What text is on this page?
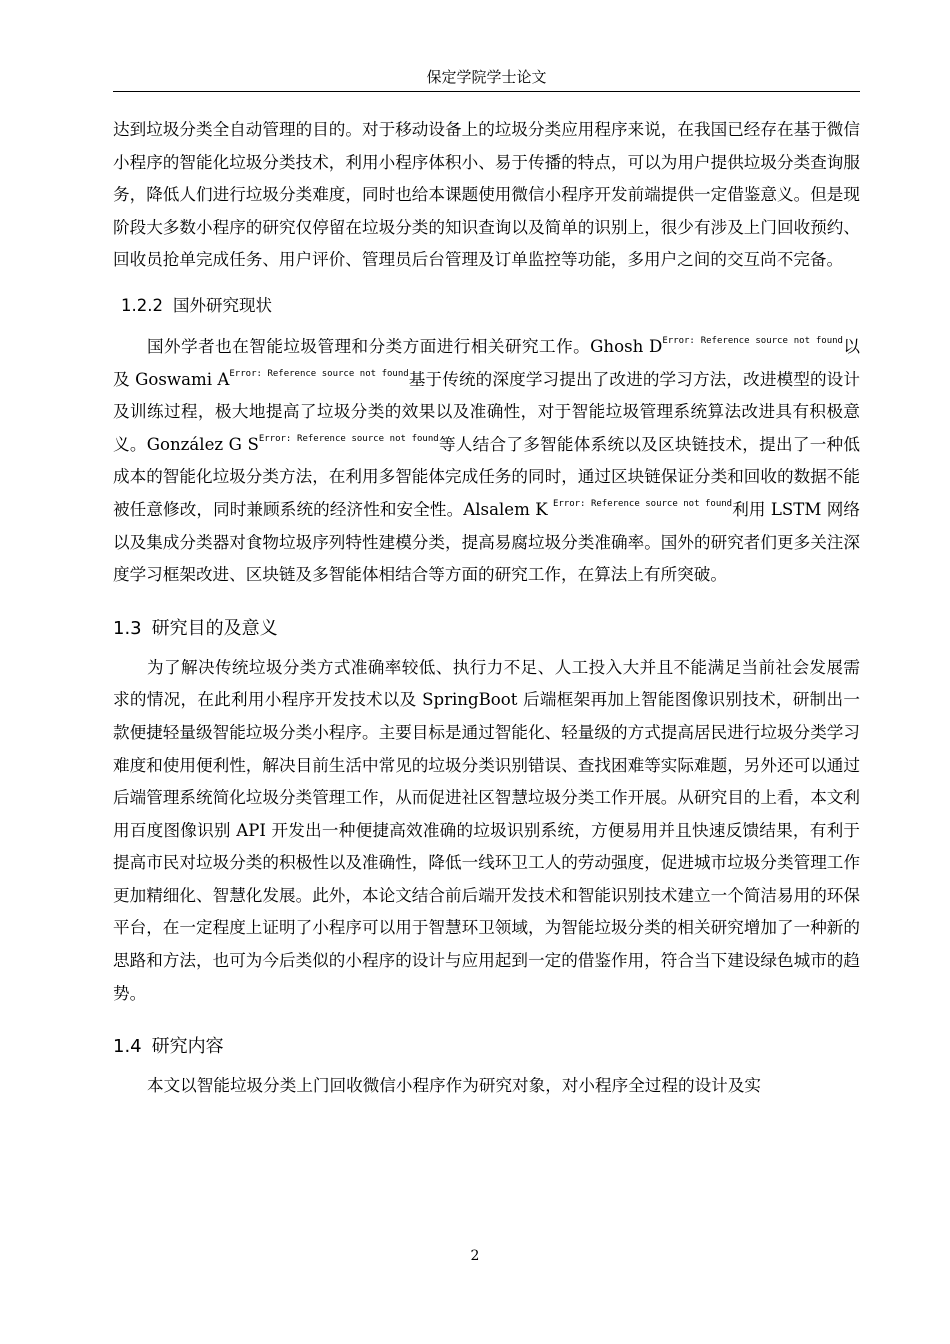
保定学院学士论文

达到垃圾分类全自动管理的目的。对于移动设备上的垃圾分类应用程序来说，在我国已经存在基于微信小程序的智能化垃圾分类技术，利用小程序体积小、易于传播的特点，可以为用户提供垃圾分类查询服务，降低人们进行垃圾分类难度，同时也给本课题使用微信小程序开发前端提供一定借鉴意义。但是现阶段大多数小程序的研究仅停留在垃圾分类的知识查询以及简单的识别上，很少有涉及上门回收预约、回收员抢单完成任务、用户评价、管理员后台管理及订单监控等功能，多用户之间的交互尚不完备。

1.2.2 国外研究现状

国外学者也在智能垃圾管理和分类方面进行相关研究工作。Ghosh $D^{Error: Reference source not found}$以及 Goswami $A^{Error: Reference source not found}$基于传统的深度学习提出了改进的学习方法，改进模型的设计及训练过程，极大地提高了垃圾分类的效果以及准确性，对于智能垃圾管理系统算法改进具有积极意义。González G $S^{Error: Reference source not found}$等人结合了多智能体系统以及区块链技术，提出了一种低成本的智能化垃圾分类方法，在利用多智能体完成任务的同时，通过区块链保证分类和回收的数据不能被任意修改，同时兼顾系统的经济性和安全性。Alsalem K $^{Error: Reference source not found}$利用 LSTM 网络以及集成分类器对食物垃圾序列特性建模分类，提高易腐垃圾分类准确率。国外的研究者们更多关注深度学习框架改进、区块链及多智能体相结合等方面的研究工作，在算法上有所突破。

1.3 研究目的及意义

为了解决传统垃圾分类方式准确率较低、执行力不足、人工投入大并且不能满足当前社会发展需求的情况，在此利用小程序开发技术以及 SpringBoot 后端框架再加上智能图像识别技术，研制出一款便捷轻量级智能垃圾分类小程序。主要目标是通过智能化、轻量级的方式提高居民进行垃圾分类学习难度和使用便利性，解决目前生活中常见的垃圾分类识别错误、查找困难等实际难题，另外还可以通过后端管理系统简化垃圾分类管理工作，从而促进社区智慧垃圾分类工作开展。从研究目的上看，本文利用百度图像识别 API 开发出一种便捷高效准确的垃圾识别系统，方便易用并且快速反馈结果，有利于提高市民对垃圾分类的积极性以及准确性，降低一线环卫工人的劳动强度，促进城市垃圾分类管理工作更加精细化、智慧化发展。此外，本论文结合前后端开发技术和智能识别技术建立一个简洁易用的环保平台，在一定程度上证明了小程序可以用于智慧环卫领域，为智能垃圾分类的相关研究增加了一种新的思路和方法，也可为今后类似的小程序的设计与应用起到一定的借鉴作用，符合当下建设绿色城市的趋势。

1.4 研究内容

本文以智能垃圾分类上门回收微信小程序作为研究对象，对小程序全过程的设计及实

2
